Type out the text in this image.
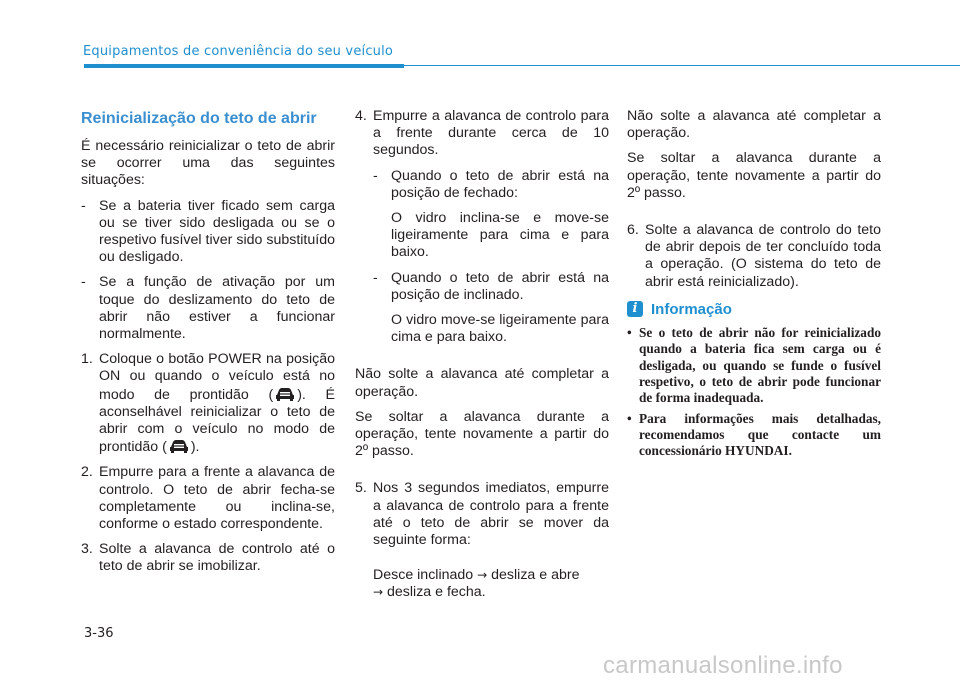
Equipamentos de conveniência do seu veículo
Reinicialização do teto de abrir

É necessário reinicializar o teto de abrir se ocorrer uma das seguintes situações:

- Se a bateria tiver ficado sem carga ou se tiver sido desligada ou se o respetivo fusível tiver sido substituído ou desligado.
- Se a função de ativação por um toque do deslizamento do teto de abrir não estiver a funcionar normalmente.
1. Coloque o botão POWER na posição ON ou quando o veículo está no modo de prontidão ( ). É aconselhável reinicializar o teto de abrir com o veículo no modo de prontidão ( ).
2. Empurre para a frente a alavanca de controlo. O teto de abrir fecha-se completamente ou inclina-se, conforme o estado correspondente.
3. Solte a alavanca de controlo até o teto de abrir se imobilizar.
4. Empurre a alavanca de controlo para a frente durante cerca de 10 segundos.
- Quando o teto de abrir está na posição de fechado:

O vidro inclina-se e move-se ligeiramente para cima e para baixo.

- Quando o teto de abrir está na posição de inclinado.

O vidro move-se ligeiramente para cima e para baixo.

Não solte a alavanca até completar a operação.

Se soltar a alavanca durante a operação, tente novamente a partir do 2º passo.

5. Nos 3 segundos imediatos, empurre a alavanca de controlo para a frente até o teto de abrir se mover da seguinte forma:

Desce inclinado → desliza e abre
→ desliza e fecha.

Não solte a alavanca até completar a operação.

Se soltar a alavanca durante a operação, tente novamente a partir do 2º passo.

6. Solte a alavanca de controlo do teto de abrir depois de ter concluído toda a operação. (O sistema do teto de abrir está reinicializado).
i Informação
• Se o teto de abrir não for reinicializado quando a bateria fica sem carga ou é desligada, ou quando se funde o fusível respetivo, o teto de abrir pode funcionar de forma inadequada.
• Para informações mais detalhadas, recomendamos que contacte um concessionário HYUNDAI.
3-36
carmanualsonline.info
